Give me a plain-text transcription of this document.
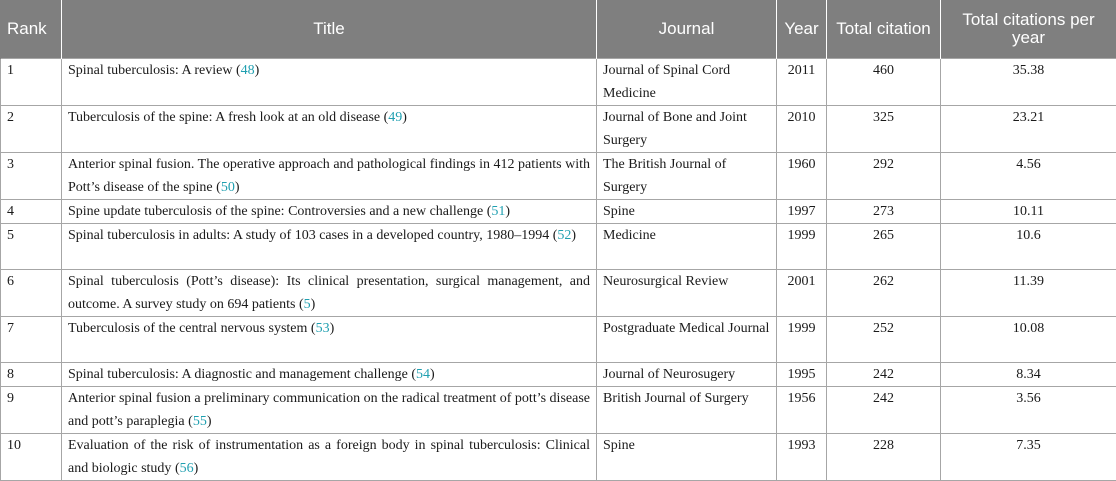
Rank	Title	Journal	Year	Total citation	Total citations per year
1	Spinal tuberculosis: A review (48)	Journal of Spinal Cord Medicine	2011	460	35.38
2	Tuberculosis of the spine: A fresh look at an old disease (49)	Journal of Bone and Joint Surgery	2010	325	23.21
3	Anterior spinal fusion. The operative approach and pathological findings in 412 patients with Pott’s disease of the spine (50)	The British Journal of Surgery	1960	292	4.56
4	Spine update tuberculosis of the spine: Controversies and a new challenge (51)	Spine	1997	273	10.11
5	Spinal tuberculosis in adults: A study of 103 cases in a developed country, 1980–1994 (52)	Medicine	1999	265	10.6
6	Spinal tuberculosis (Pott’s disease): Its clinical presentation, surgical management, and outcome. A survey study on 694 patients (5)	Neurosurgical Review	2001	262	11.39
7	Tuberculosis of the central nervous system (53)	Postgraduate Medical Journal	1999	252	10.08
8	Spinal tuberculosis: A diagnostic and management challenge (54)	Journal of Neurosugery	1995	242	8.34
9	Anterior spinal fusion a preliminary communication on the radical treatment of pott’s disease and pott’s paraplegia (55)	British Journal of Surgery	1956	242	3.56
10	Evaluation of the risk of instrumentation as a foreign body in spinal tuberculosis: Clinical and biologic study (56)	Spine	1993	228	7.35
